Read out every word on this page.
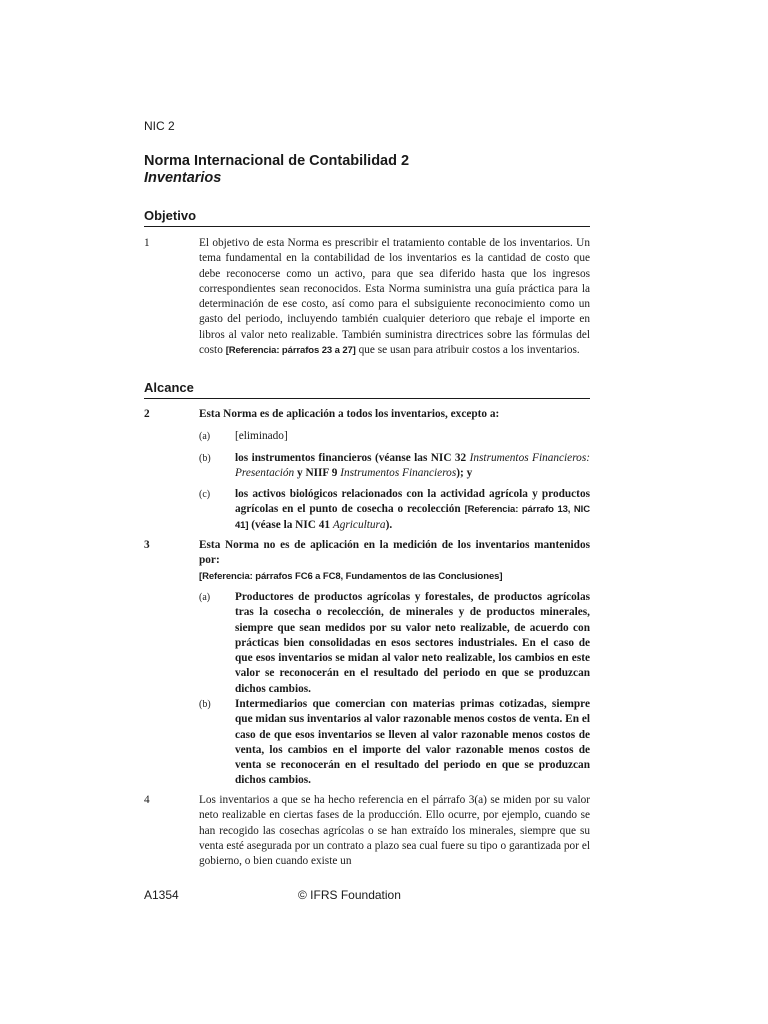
NIC 2
Norma Internacional de Contabilidad 2
Inventarios
Objetivo
1	El objetivo de esta Norma es prescribir el tratamiento contable de los inventarios. Un tema fundamental en la contabilidad de los inventarios es la cantidad de costo que debe reconocerse como un activo, para que sea diferido hasta que los ingresos correspondientes sean reconocidos. Esta Norma suministra una guía práctica para la determinación de ese costo, así como para el subsiguiente reconocimiento como un gasto del periodo, incluyendo también cualquier deterioro que rebaje el importe en libros al valor neto realizable. También suministra directrices sobre las fórmulas del costo [Referencia: párrafos 23 a 27] que se usan para atribuir costos a los inventarios.
Alcance
2	Esta Norma es de aplicación a todos los inventarios, excepto a:
(a)	[eliminado]
(b)	los instrumentos financieros (véanse las NIC 32 Instrumentos Financieros: Presentación y NIIF 9 Instrumentos Financieros); y
(c)	los activos biológicos relacionados con la actividad agrícola y productos agrícolas en el punto de cosecha o recolección [Referencia: párrafo 13, NIC 41] (véase la NIC 41 Agricultura).
3	Esta Norma no es de aplicación en la medición de los inventarios mantenidos por:
[Referencia: párrafos FC6 a FC8, Fundamentos de las Conclusiones]
(a)	Productores de productos agrícolas y forestales, de productos agrícolas tras la cosecha o recolección, de minerales y de productos minerales, siempre que sean medidos por su valor neto realizable, de acuerdo con prácticas bien consolidadas en esos sectores industriales. En el caso de que esos inventarios se midan al valor neto realizable, los cambios en este valor se reconocerán en el resultado del periodo en que se produzcan dichos cambios.
(b)	Intermediarios que comercian con materias primas cotizadas, siempre que midan sus inventarios al valor razonable menos costos de venta. En el caso de que esos inventarios se lleven al valor razonable menos costos de venta, los cambios en el importe del valor razonable menos costos de venta se reconocerán en el resultado del periodo en que se produzcan dichos cambios.
4	Los inventarios a que se ha hecho referencia en el párrafo 3(a) se miden por su valor neto realizable en ciertas fases de la producción. Ello ocurre, por ejemplo, cuando se han recogido las cosechas agrícolas o se han extraído los minerales, siempre que su venta esté asegurada por un contrato a plazo sea cual fuere su tipo o garantizada por el gobierno, o bien cuando existe un
A1354	© IFRS Foundation
